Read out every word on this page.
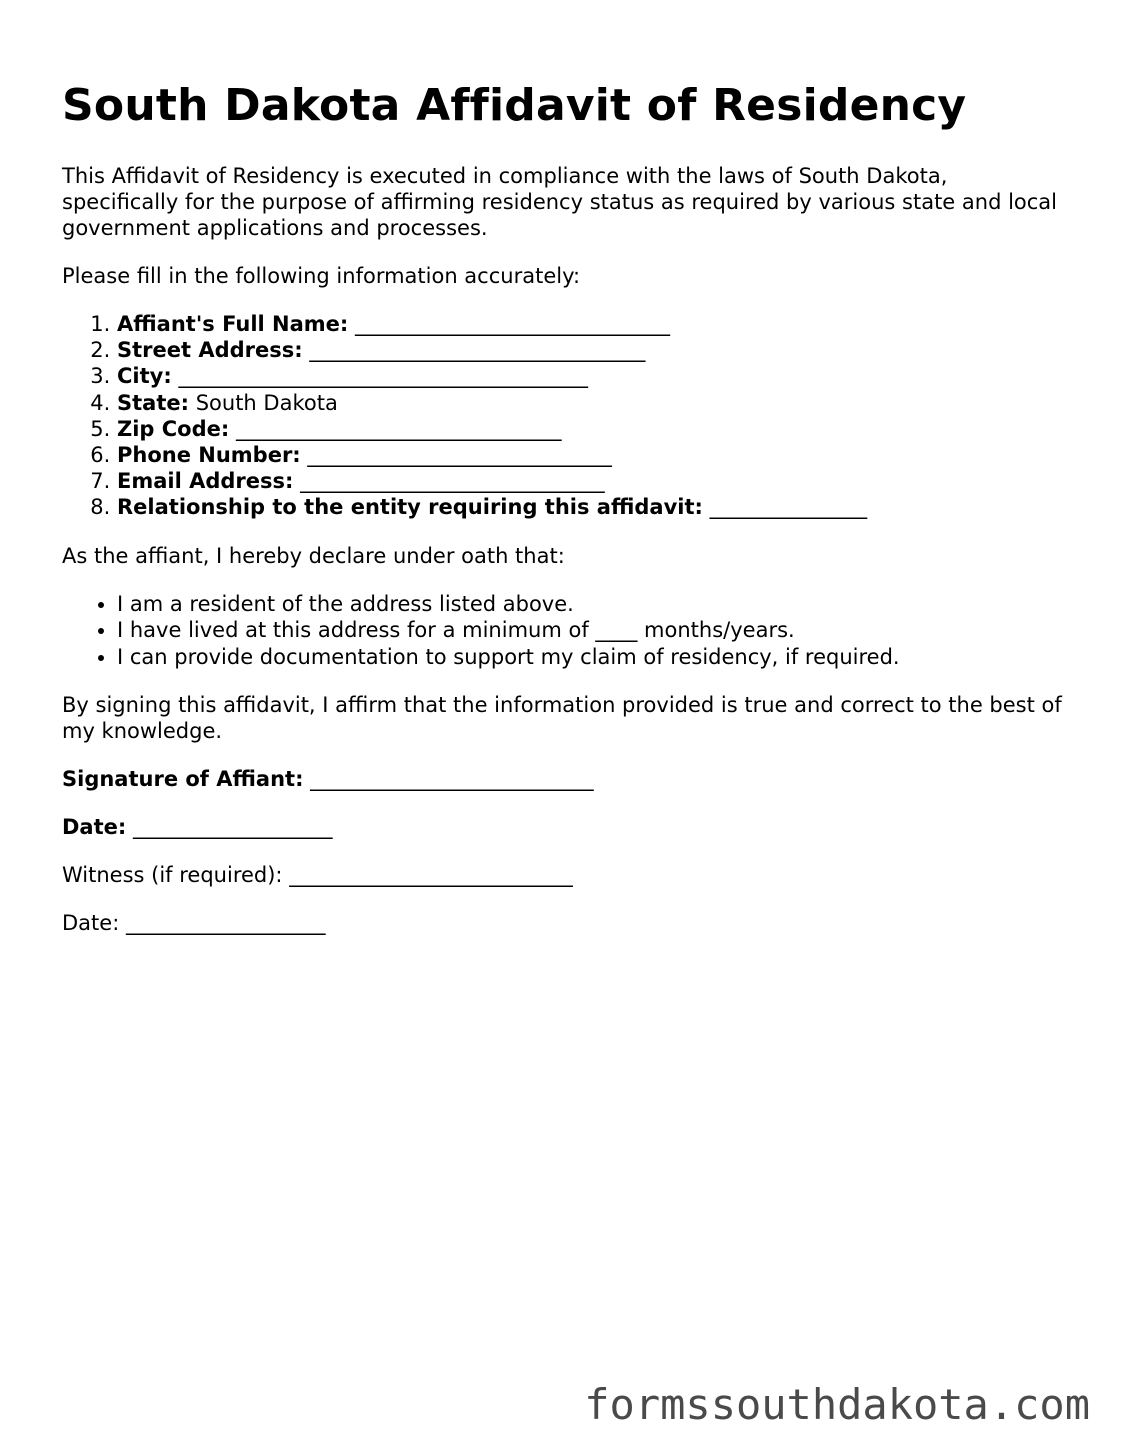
South Dakota Affidavit of Residency

This Affidavit of Residency is executed in compliance with the laws of South Dakota, specifically for the purpose of affirming residency status as required by various state and local government applications and processes.

Please fill in the following information accurately:

1. Affiant's Full Name: ______________________________
2. Street Address: ________________________________
3. City: _______________________________________
4. State: South Dakota
5. Zip Code: _______________________________
6. Phone Number: _____________________________
7. Email Address: _____________________________
8. Relationship to the entity requiring this affidavit: _______________

As the affiant, I hereby declare under oath that:

• I am a resident of the address listed above.
• I have lived at this address for a minimum of ____ months/years.
• I can provide documentation to support my claim of residency, if required.

By signing this affidavit, I affirm that the information provided is true and correct to the best of my knowledge.

Signature of Affiant: ___________________________

Date: ___________________

Witness (if required): ___________________________

Date: ___________________

formssouthdakota.com
